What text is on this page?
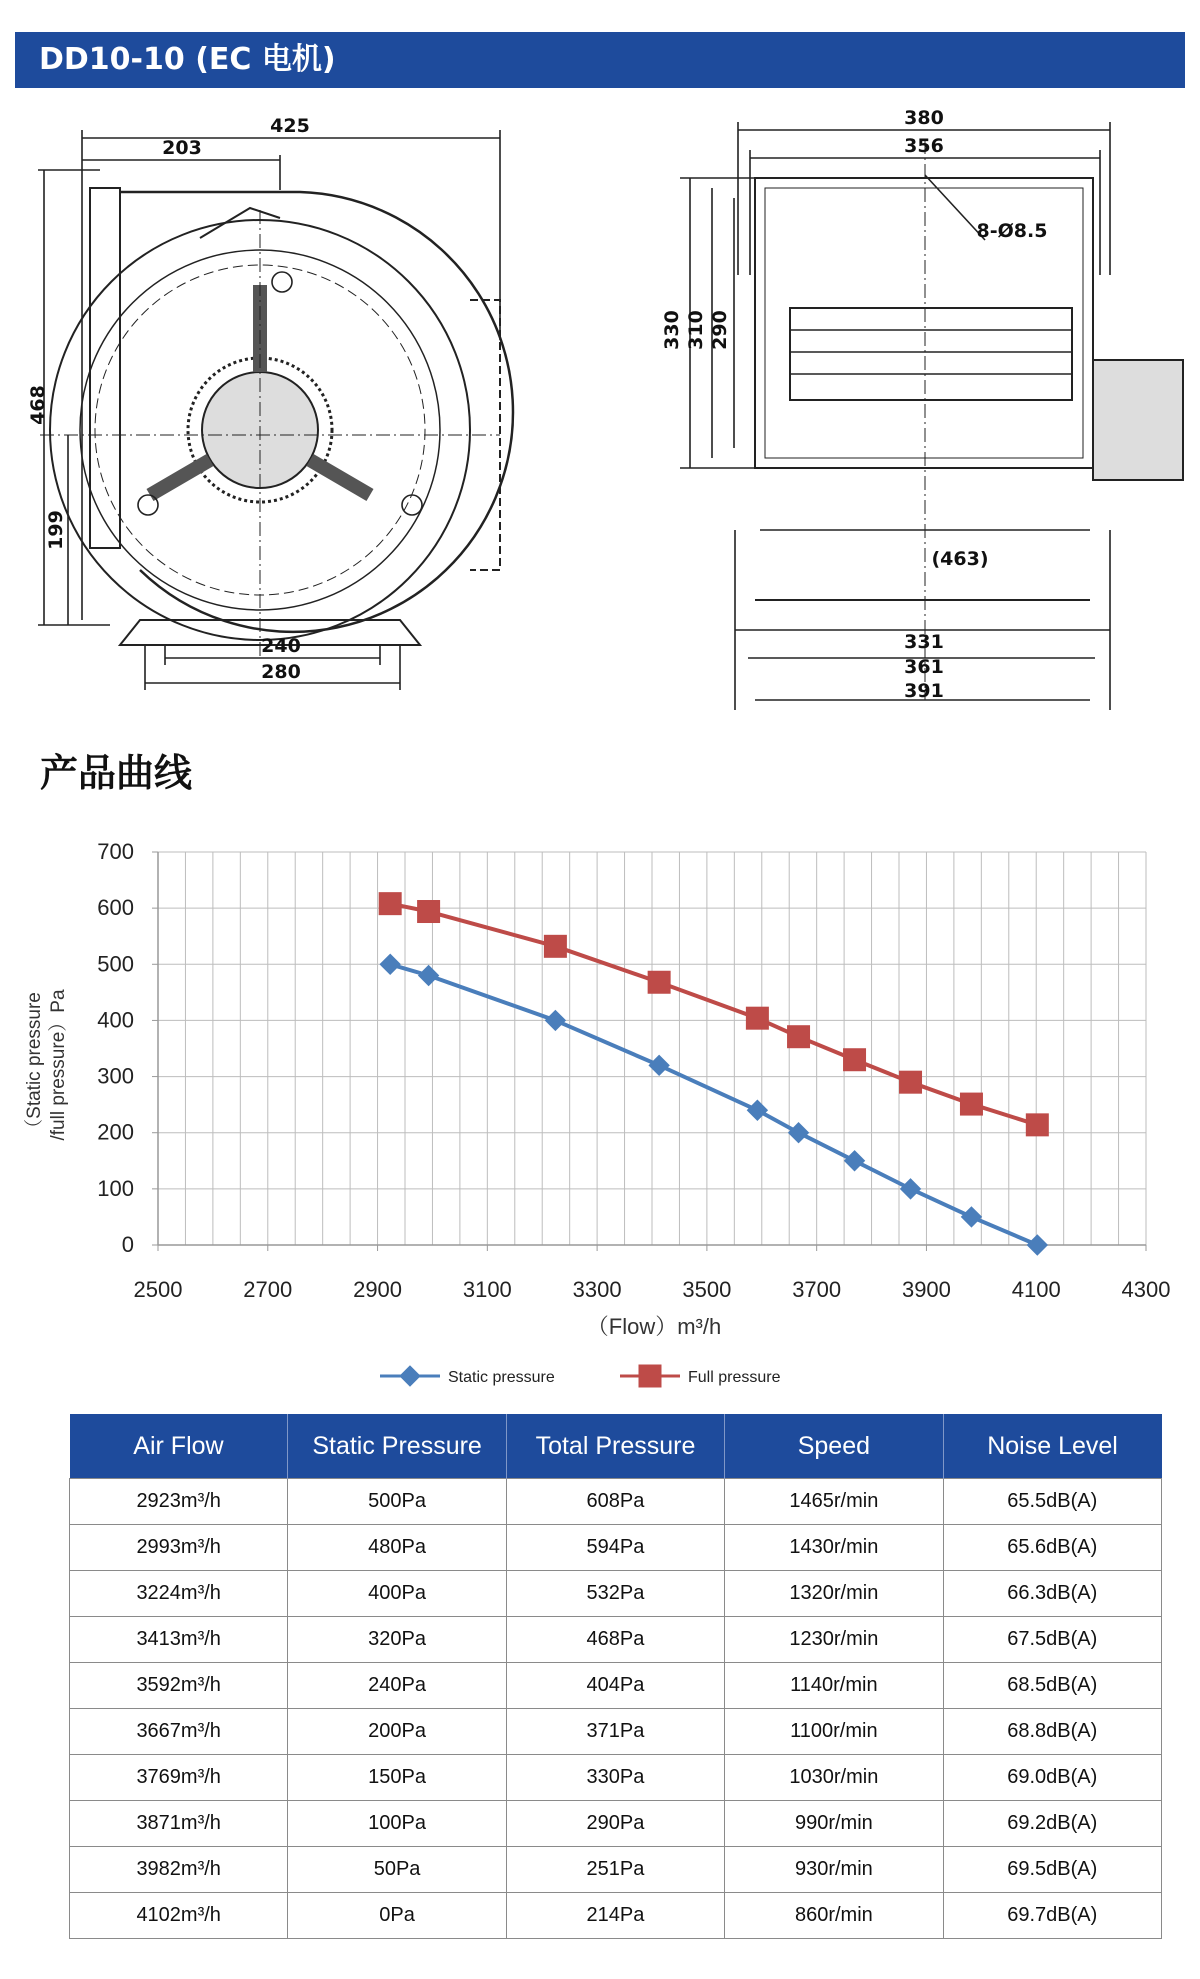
DD10-10 (EC 电机)
425
203
468
199
240
280
380
356
8-Ø8.5
330 310 290
(463)
331
361
391
产品曲线
2500	2700	2900	3100	3300	3500	3700	3900	4100	4300
0
100
200
300
400
500
600
700
（Static pressure /full pressure）Pa
（Flow）m³/h
Static pressure	Full pressure
Air Flow	Static Pressure	Total Pressure	Speed	Noise Level
2923m³/h	500Pa	608Pa	1465r/min	65.5dB(A)
2993m³/h	480Pa	594Pa	1430r/min	65.6dB(A)
3224m³/h	400Pa	532Pa	1320r/min	66.3dB(A)
3413m³/h	320Pa	468Pa	1230r/min	67.5dB(A)
3592m³/h	240Pa	404Pa	1140r/min	68.5dB(A)
3667m³/h	200Pa	371Pa	1100r/min	68.8dB(A)
3769m³/h	150Pa	330Pa	1030r/min	69.0dB(A)
3871m³/h	100Pa	290Pa	990r/min	69.2dB(A)
3982m³/h	50Pa	251Pa	930r/min	69.5dB(A)
4102m³/h	0Pa	214Pa	860r/min	69.7dB(A)
